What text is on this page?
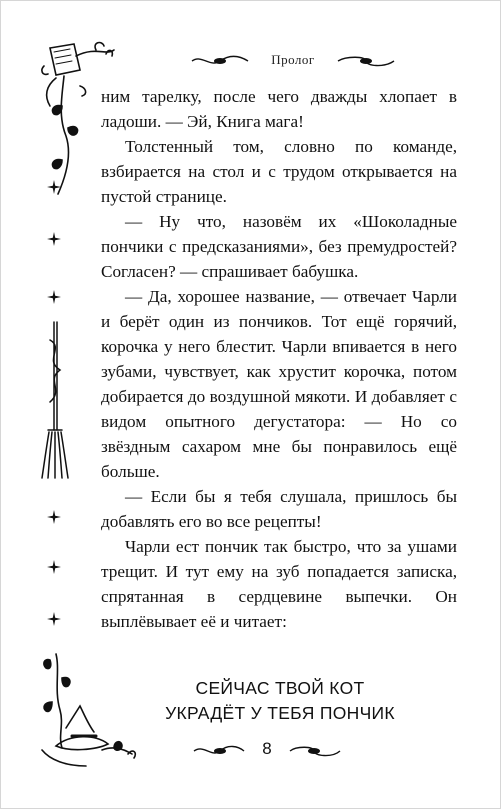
Пролог

ним тарелку, после чего дважды хлопает в ладоши. — Эй, Книга мага!

Толстенный том, словно по команде, взбирается на стол и с трудом открывается на пустой странице.

— Ну что, назовём их «Шоколадные пончики с предсказаниями», без премудростей? Согласен? — спрашивает бабушка.

— Да, хорошее название, — отвечает Чарли и берёт один из пончиков. Тот ещё горячий, корочка у него блестит. Чарли впивается в него зубами, чувствует, как хрустит корочка, потом добирается до воздушной мякоти. И добавляет с видом опытного дегустатора: — Но со звёздным сахаром мне бы понравилось ещё больше.

— Если бы я тебя слушала, пришлось бы добавлять его во все рецепты!

Чарли ест пончик так быстро, что за ушами трещит. И тут ему на зуб попадается записка, спрятанная в сердцевине выпечки. Он выплёвывает её и читает:

СЕЙЧАС ТВОЙ КОТ
УКРАДЁТ У ТЕБЯ ПОНЧИК
8
